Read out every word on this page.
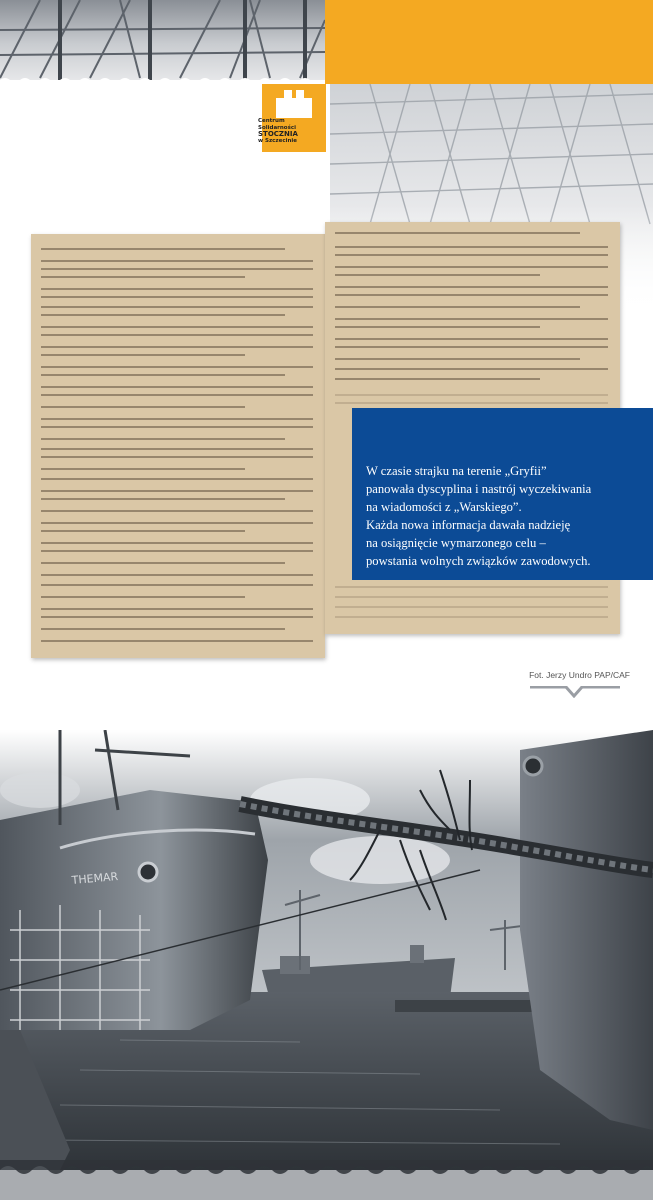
Centrum
Solidarności
STOCZNIA
w Szczecinie
W czasie strajku na terenie „Gryfii”
panowała dyscyplina i nastrój wyczekiwania
na wiadomości z „Warskiego”.
Każda nowa informacja dawała nadzieję
na osiągnięcie wymarzonego celu –
powstania wolnych związków zawodowych.
Fot. Jerzy Undro PAP/CAF
THEMAR
